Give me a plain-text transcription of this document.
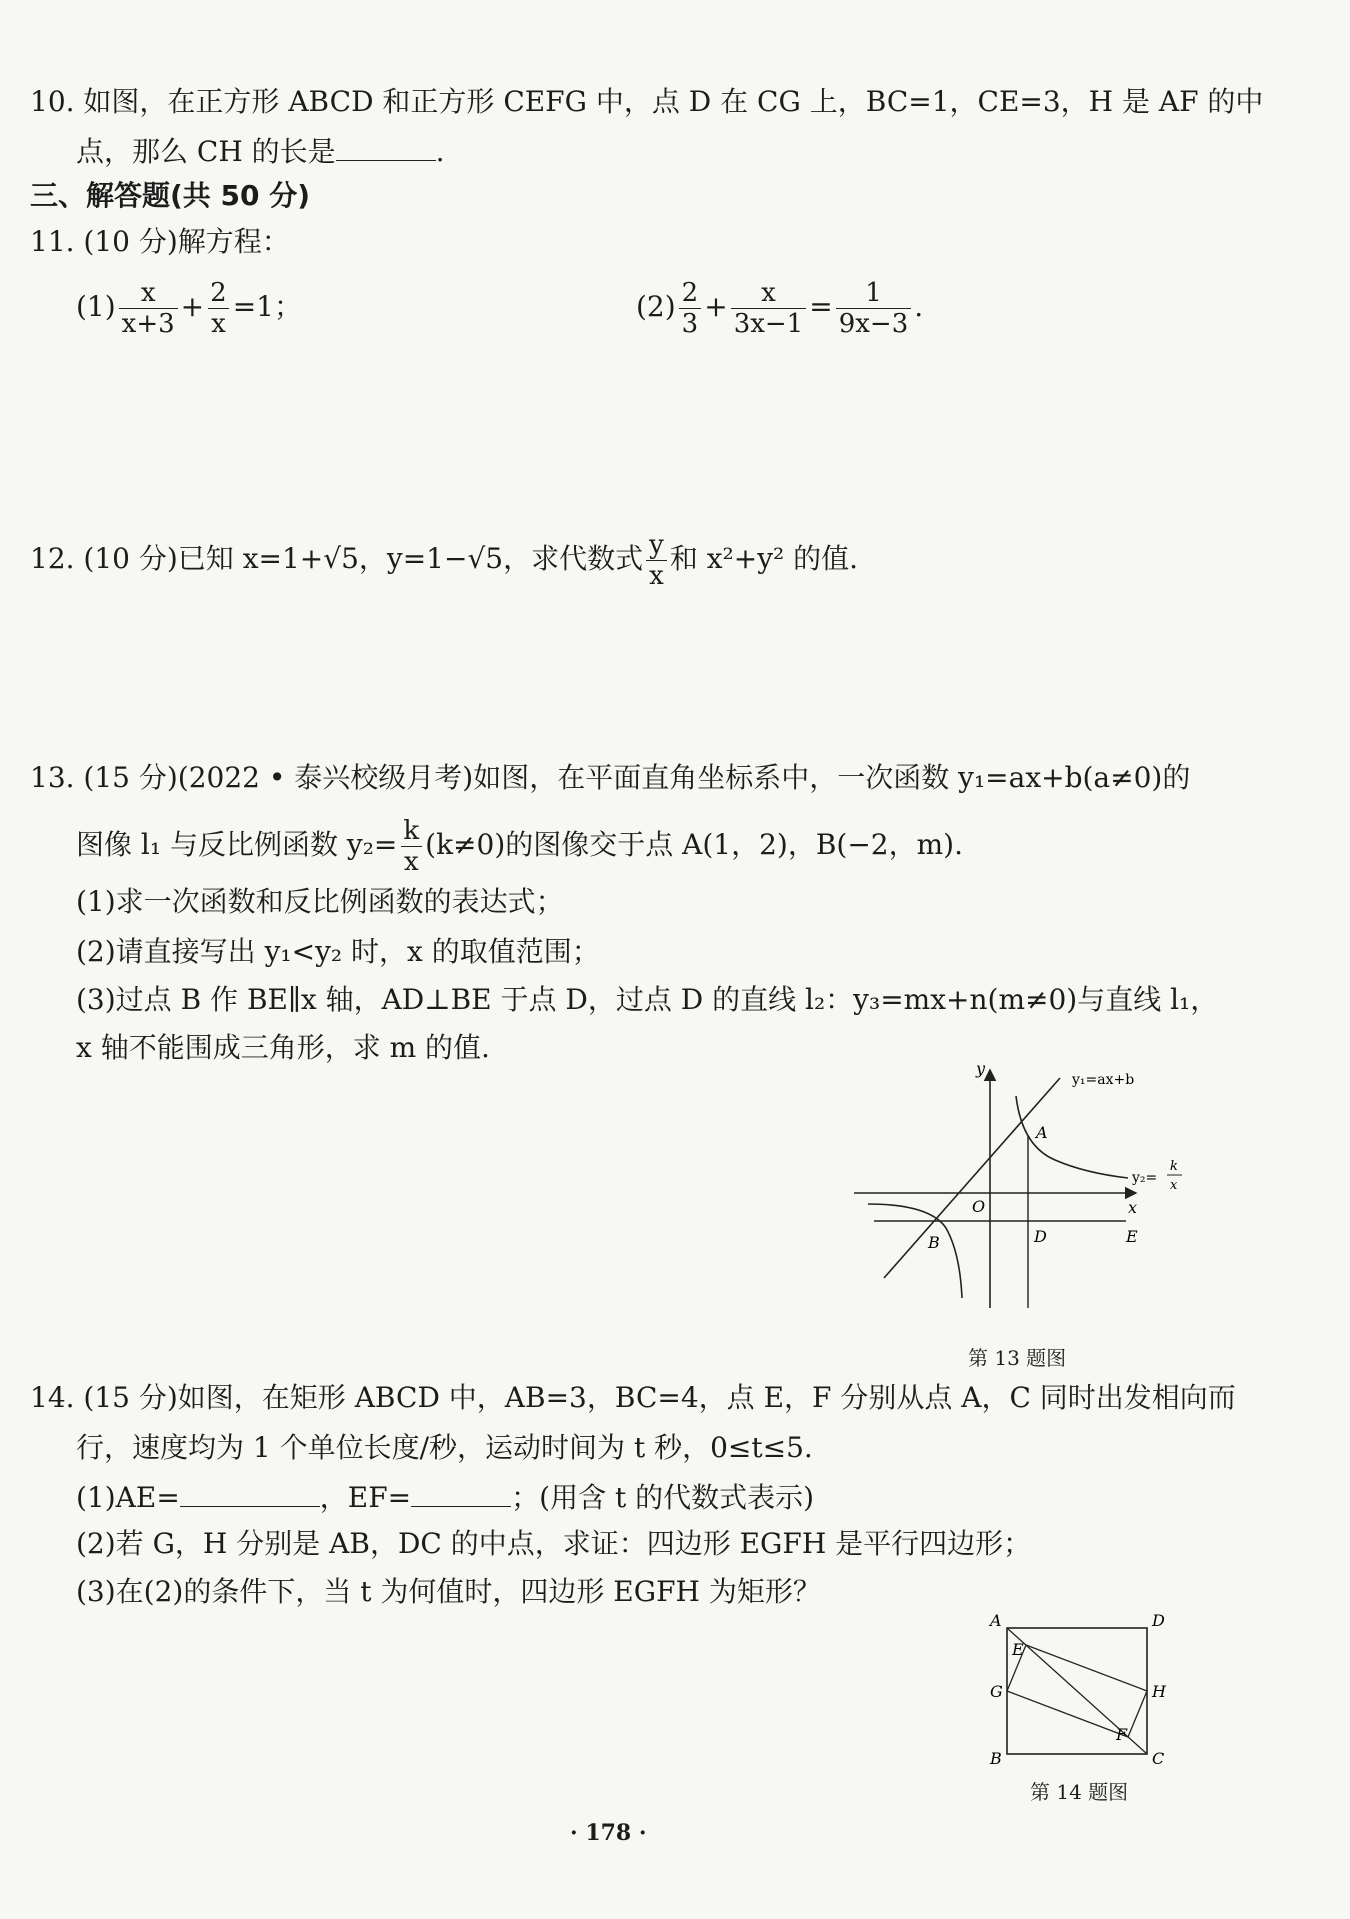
10. 如图，在正方形 ABCD 和正方形 CEFG 中，点 D 在 CG 上，BC=1，CE=3，H 是 AF 的中
点，那么 CH 的长是	.
三、解答题(共 50 分)
11. (10 分)解方程：
$(1) \frac{x}{x+3} + \frac{2}{x} =1$；	$(2) \frac{2}{3} + \frac{x}{3x-1} = \frac{1}{9x-3}$ .
12. (10 分)已知 x=1+√5，y=1−√5，求代数式 $\frac{y}{x}$ 和 x²+y² 的值.
13. (15 分)(2022 • 泰兴校级月考)如图，在平面直角坐标系中，一次函数 y₁=ax+b(a≠0)的
图像 l₁ 与反比例函数 $y_2= \frac{k}{x} (k\ne 0)$的图像交于点 A(1，2)，B(−2，m).
(1)求一次函数和反比例函数的表达式；
(2)请直接写出 y₁<y₂ 时，x 的取值范围；
(3)过点 B 作 BE∥x 轴，AD⊥BE 于点 D，过点 D 的直线 l₂：y₃=mx+n(m≠0)与直线 l₁，
x 轴不能围成三角形，求 m 的值.
y
x
O
A
B	D	E
y₁=ax+b
y₂=
k
x
第 13 题图
14. (15 分)如图，在矩形 ABCD 中，AB=3，BC=4，点 E，F 分别从点 A，C 同时出发相向而
行，速度均为 1 个单位长度/秒，运动时间为 t 秒，0≤t≤5.
(1)AE=	，EF=	；(用含 t 的代数式表示)
(2)若 G，H 分别是 AB，DC 的中点，求证：四边形 EGFH 是平行四边形；
(3)在(2)的条件下，当 t 为何值时，四边形 EGFH 为矩形？
A	D
B	C
E
F
G	H
第 14 题图
· 178 ·
